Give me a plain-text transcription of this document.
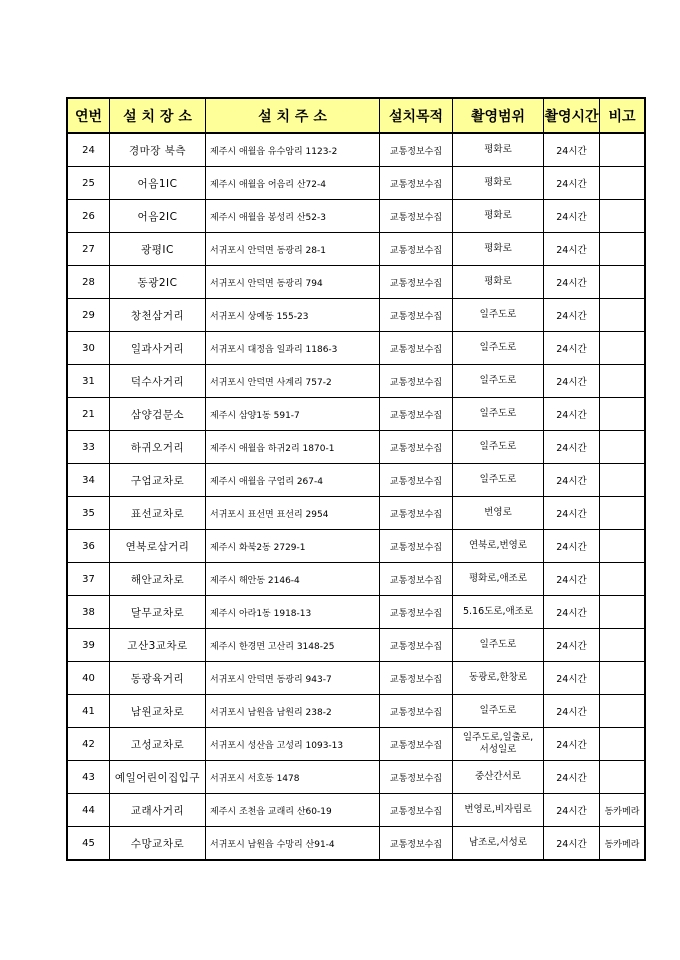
연번	설 치 장 소	설 치 주 소	설치목적	촬영범위	촬영시간	비고
24	경마장 북측	제주시 애월읍 유수암리 1123-2	교통정보수집	평화로	24시간	
25	어음1IC	제주시 애월읍 어음리 산72-4	교통정보수집	평화로	24시간	
26	어음2IC	제주시 애월읍 봉성리 산52-3	교통정보수집	평화로	24시간	
27	광평IC	서귀포시 안덕면 동광리 28-1	교통정보수집	평화로	24시간	
28	동광2IC	서귀포시 안덕면 동광리 794	교통정보수집	평화로	24시간	
29	창천삼거리	서귀포시 상예동 155-23	교통정보수집	일주도로	24시간	
30	일과사거리	서귀포시 대정읍 일과리 1186-3	교통정보수집	일주도로	24시간	
31	덕수사거리	서귀포시 안덕면 사계리 757-2	교통정보수집	일주도로	24시간	
21	삼양검문소	제주시 삼양1동 591-7	교통정보수집	일주도로	24시간	
33	하귀오거리	제주시 애월읍 하귀2리 1870-1	교통정보수집	일주도로	24시간	
34	구엄교차로	제주시 애월읍 구엄리 267-4	교통정보수집	일주도로	24시간	
35	표선교차로	서귀포시 표선면 표선리 2954	교통정보수집	번영로	24시간	
36	연북로삼거리	제주시 화북2동 2729-1	교통정보수집	연북로,번영로	24시간	
37	해안교차로	제주시 해안동 2146-4	교통정보수집	평화로,애조로	24시간	
38	달무교차로	제주시 아라1동 1918-13	교통정보수집	5.16도로,애조로	24시간	
39	고산3교차로	제주시 한경면 고산리 3148-25	교통정보수집	일주도로	24시간	
40	동광육거리	서귀포시 안덕면 동광리 943-7	교통정보수집	동광로,한창로	24시간	
41	남원교차로	서귀포시 남원읍 남원리 238-2	교통정보수집	일주도로	24시간	
42	고성교차로	서귀포시 성산읍 고성리 1093-13	교통정보수집	일주도로,일출로,
서성일로	24시간	
43	예일어린이집입구	서귀포시 서호동 1478	교통정보수집	중산간서로	24시간	
44	교래사거리	제주시 조천읍 교래리 산60-19	교통정보수집	번영로,비자림로	24시간	동카메라
45	수망교차로	서귀포시 남원읍 수망리 산91-4	교통정보수집	남조로,서성로	24시간	동카메라
